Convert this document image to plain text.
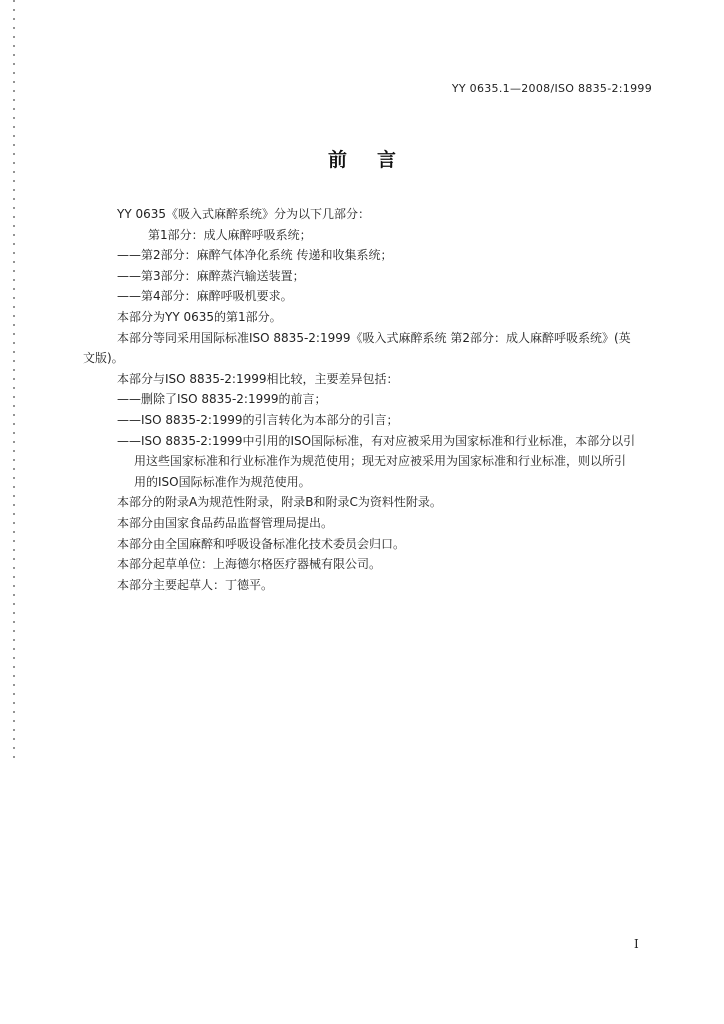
YY 0635.1—2008/ISO 8835-2:1999
前言
YY 0635《吸入式麻醉系统》分为以下几部分：
第1部分：成人麻醉呼吸系统；
——第2部分：麻醉气体净化系统 传递和收集系统；
——第3部分：麻醉蒸汽输送装置；
——第4部分：麻醉呼吸机要求。
本部分为YY 0635的第1部分。
本部分等同采用国际标准ISO 8835-2:1999《吸入式麻醉系统 第2部分：成人麻醉呼吸系统》(英
文版)。
本部分与ISO 8835-2:1999相比较，主要差异包括：
——删除了ISO 8835-2:1999的前言；
——ISO 8835-2:1999的引言转化为本部分的引言；
——ISO 8835-2:1999中引用的ISO国际标准，有对应被采用为国家标准和行业标准，本部分以引
用这些国家标准和行业标准作为规范使用；现无对应被采用为国家标准和行业标准，则以所引
用的ISO国际标准作为规范使用。
本部分的附录A为规范性附录，附录B和附录C为资料性附录。
本部分由国家食品药品监督管理局提出。
本部分由全国麻醉和呼吸设备标准化技术委员会归口。
本部分起草单位：上海德尔格医疗器械有限公司。
本部分主要起草人：丁德平。
I
